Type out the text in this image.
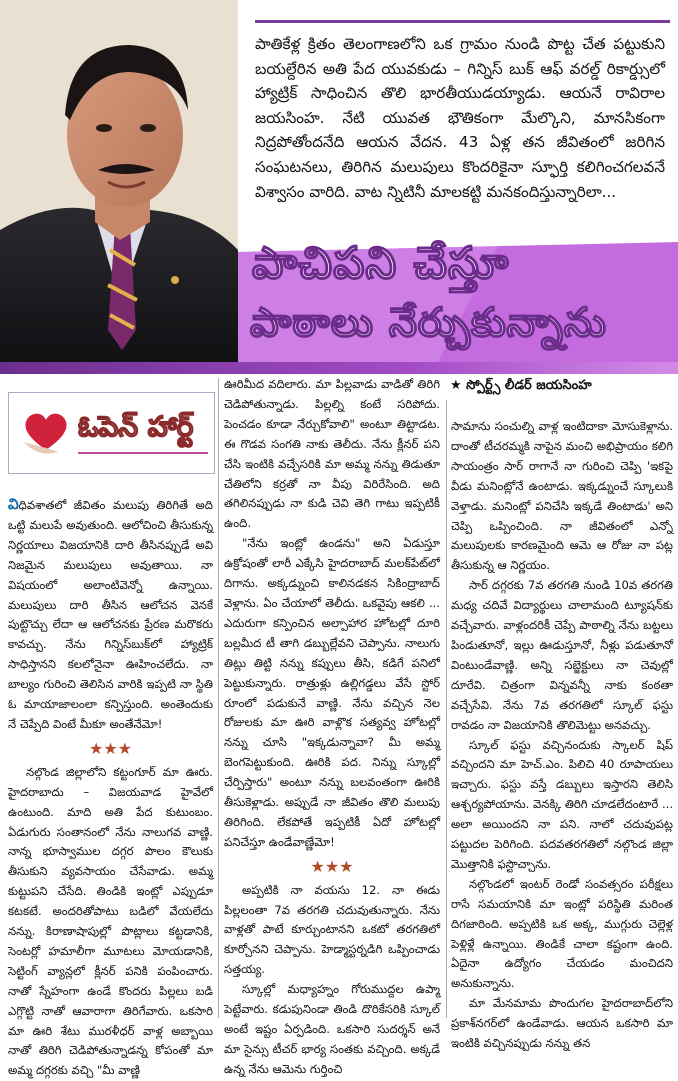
పాతికేళ్ల క్రితం తెలంగాణలోని ఒక గ్రామం నుండి పొట్ట చేత పట్టుకుని బయల్దేరిన అతి పేద యువకుడు – గిన్నిస్ బుక్ ఆఫ్ వరల్డ్ రికార్డ్సులో హ్యాట్రిక్ సాధించిన తొలి భారతీయుడయ్యాడు. ఆయనే రావిరాల జయసింహ. నేటి యువత భౌతికంగా మేల్కొని, మానసికంగా నిద్రపోతోందనేది ఆయన వేదన. 43 ఏళ్ల తన జీవితంలో జరిగిన సంఘటనలు, తిరిగిన మలుపులు కొందరికైనా స్ఫూర్తి కలిగించగలవనే విశ్వాసం వారిది. వాట న్నిటినీ మాలకట్టి మనకందిస్తున్నారిలా...
పాచిపని చేస్తూ
పాఠాలు నేర్చుకున్నాను
★ స్పోర్ట్స్‌ లీడర్ జయసింహ
ఓపెన్ హార్ట్

విధివశాతలో జీవితం మలుపు తిరిగితే అది ఒట్టి మలుపే అవుతుంది. ఆలోచించి తీసుకున్న నిర్ణయాలు విజయానికి దారి తీసినప్పుడే అవి నిజమైన మలుపులు అవుతాయి. నా విషయంలో అలాంటివెన్నో ఉన్నాయి. మలుపులు దారి తీసిన ఆలోచన వెనకే పుట్టొచ్చు లేదా ఆ ఆలోచనకు ప్రేరణ మరొకరు కావచ్చు. నేను గిన్నిస్‌బుక్‌లో హ్యాట్రిక్ సాధిస్తానని కలలోనైనా ఊహించలేదు. నా బాల్యం గురించి తెలిసిన వారికి ఇప్పటి నా స్థితి ఓ మాయాజాలంలా కన్పిస్తుంది. అంతెందుకు నే చెప్పేది వింటే మీకూ అంతేనేమో!

★★★

నల్గొండ జిల్లాలోని కట్టంగూర్ మా ఊరు. హైదరాబాదు – విజయవాడ హైవేలో ఉంటుంది. మాది అతి పేద కుటుంబం. ఏడుగురు సంతానంలో నేను నాలుగవ వాణ్ణి. నాన్న భూస్వాముల దగ్గర పొలం కౌలుకు తీసుకుని వ్యవసాయం చేసేవాడు. అమ్మ కుట్టుపని చేసేది. తిండికి ఇంట్లో ఎప్పుడూ కటకటే. అందరితోపాటు బడిలో వేయలేదు నన్ను. కిరాణాషాపుల్లో పొట్లాలు కట్టడానికి, సెంటర్లో హమాలీగా మూటలు మోయడానికి, సెట్టింగ్ వ్యాన్లలో క్లీనర్ పనికి పంపించారు. నాతో స్నేహంగా ఉండే కొందరు పిల్లలు బడి ఎగ్గొట్టి నాతో ఆవారాగా తిరిగేవారు. ఒకసారి మా ఊరి శేటు మురళీధర్ వాళ్ల అబ్బాయి నాతో తిరిగి చెడిపోతున్నాడన్న కోపంతో మా అమ్మ దగ్గరకు వచ్చి "మీ వాణ్ణి

ఊరిమీద వదిలారు. మా పిల్లవాడు వాడితో తిరిగి చెడిపోతున్నాడు. పిల్లల్ని కంటే సరిపోదు. పెంచడం కూడా నేర్చుకోవాలి" అంటూ తిట్టాడట. ఈ గొడవ సంగతి నాకు తెలీదు. నేను క్లీనర్ పని చేసి ఇంటికి వచ్చేసరికి మా అమ్మ నన్ను తిడుతూ చేతిలోని కర్రతో నా వీపు విరిరేసింది. అది తగిలినప్పుడు నా కుడి చెవి తెగి గాటు ఇప్పటికీ ఉంది.

"నేను ఇంట్లో ఉండను" అని ఏడుస్తూ ఉక్రోషంతో లారీ ఎక్కేసి హైదరాబాద్ మలక్‌పేట్‌లో దిగాను. అక్కడ్నుంచి కాలినడకన సికింద్రాబాద్ వెళ్లాను. ఏం చేయాలో తెలీదు. ఒకవైపు ఆకలి ... ఎదురుగా కన్పించిన అల్పాహార హోటల్లో దూరి బల్లమీద టీ తాగి డబ్బుల్లేవని చెప్పాను. నాలుగు తిట్లు తిట్టి నన్ను కప్పులు తీసి, కడిగే పనిలో పెట్టుకున్నారు. రాత్రుళ్లు ఉల్లిగడ్డలు వేసే స్టోర్ రూంలో పడుకునే వాణ్ణి. నేను వచ్చిన నెల రోజులకు మా ఊరి వాళ్లొక సత్యవ్వ హోటల్లో నన్ను చూసి "ఇక్కడున్నావా? మీ అమ్మ బెంగపెట్టుకుంది. ఊరికి పద. నిన్ను స్కూల్లో చేర్పిస్తారు" అంటూ నన్ను బలవంతంగా ఊరికి తీసుకెళ్లాడు. అప్పుడే నా జీవితం తొలి మలుపు తిరిగింది. లేకపోతే ఇప్పటికీ ఏదో హోటల్లో పనిచేస్తూ ఉండేవాణ్ణేమో!

★★★

అప్పటికి నా వయసు 12. నా ఈడు పిల్లలంతా 7వ తరగతి చదువుతున్నారు. నేను వాళ్లతో పాటే కూర్చుంటానని ఒకటో తరగతిలో కూర్చోనని చెప్పాను. హెడ్మాస్టర్నడిగి ఒప్పించాడు సత్తయ్య.

స్కూల్లో మధ్యాహ్నం గోరుముద్దల ఉప్మా పెట్టేవారు. కడుపునిండా తిండి దొరికేసరికి స్కూల్ అంటే ఇష్టం ఏర్పడింది. ఒకసారి సుదర్శన్ అనే మా సైన్సు టీచర్ భార్య సంతకు వచ్చింది. అక్కడే ఉన్న నేను ఆమెను గుర్తించి

సామాను సంచుల్ని వాళ్ల ఇంటిదాకా మోసుకెళ్లాను. దాంతో టీచరమ్మకి నాపైన మంచి అభిప్రాయం కలిగి సాయంత్రం సార్ రాగానే నా గురించి చెప్పి 'ఇకపై వీడు మనింట్లోనే ఉంటాడు. ఇక్కడ్నుంచే స్కూలుకి వెళ్తాడు. మనింట్లో పనిచేసి ఇక్కడే తింటాడు' అని చెప్పి ఒప్పించింది. నా జీవితంలో ఎన్నో మలుపులకు కారణమైంది ఆమె ఆ రోజు నా పట్ల తీసుకున్న ఆ నిర్ణయం.

సార్ దగ్గరకు 7వ తరగతి నుండి 10వ తరగతి మధ్య చదివే విద్యార్థులు చాలామంది ట్యూషన్‌కు వచ్చేవారు. వాళ్లందరికీ చెప్పే పాఠాల్ని నేను బట్టలు పిండుతూనో, ఇల్లు ఊడుస్తూనో, నీళ్లు పడుతూనో వింటుండేవాణ్ణి. అన్ని సబ్జెక్టులు నా చెవుల్లో దూరేవి. చిత్రంగా విన్నవన్నీ నాకు కంఠతా వచ్చేసేవి. నేను 7వ తరగతిలో స్కూల్ ఫస్టు రావడం నా విజయానికి తొలిమెట్టు అనవచ్చు.

స్కూల్ ఫస్టు వచ్చినందుకు స్కాలర్ షిప్ వచ్చిందని మా హెచ్.ఎం. పిలిచి 40 రూపాయలు ఇచ్చారు. ఫస్టు వస్తే డబ్బులు ఇస్తారని తెలిసి ఆశ్చర్యపోయాను. వెనక్కి తిరిగి చూడలేదంటారే ... అలా అయిందని నా పని. నాలో చదువుపట్ల పట్టుదల పెరిగింది. పదవతరగతిలో నల్గొండ జిల్లా మొత్తానికి ఫస్టొచ్చాను.

నల్గొండలో ఇంటర్ రెండో సంవత్సరం పరీక్షలు రాసే సమయానికి మా ఇంట్లో పరిస్థితి మరింత దిగజారింది. అప్పటికి ఒక అక్క, ముగ్గురు చెల్లెళ్ల పెళ్లిళ్లే ఉన్నాయి. తిండికే చాలా కష్టంగా ఉంది. ఏదైనా ఉద్యోగం చేయడం మంచిదని అనుకున్నాను.

మా మేనమామ పొందుగల హైదరాబాద్‌లోని ప్రకాశ్‌నగర్‌లో ఉండేవాడు. ఆయన ఒకసారి మా ఇంటికి వచ్చినప్పుడు నన్ను తన
